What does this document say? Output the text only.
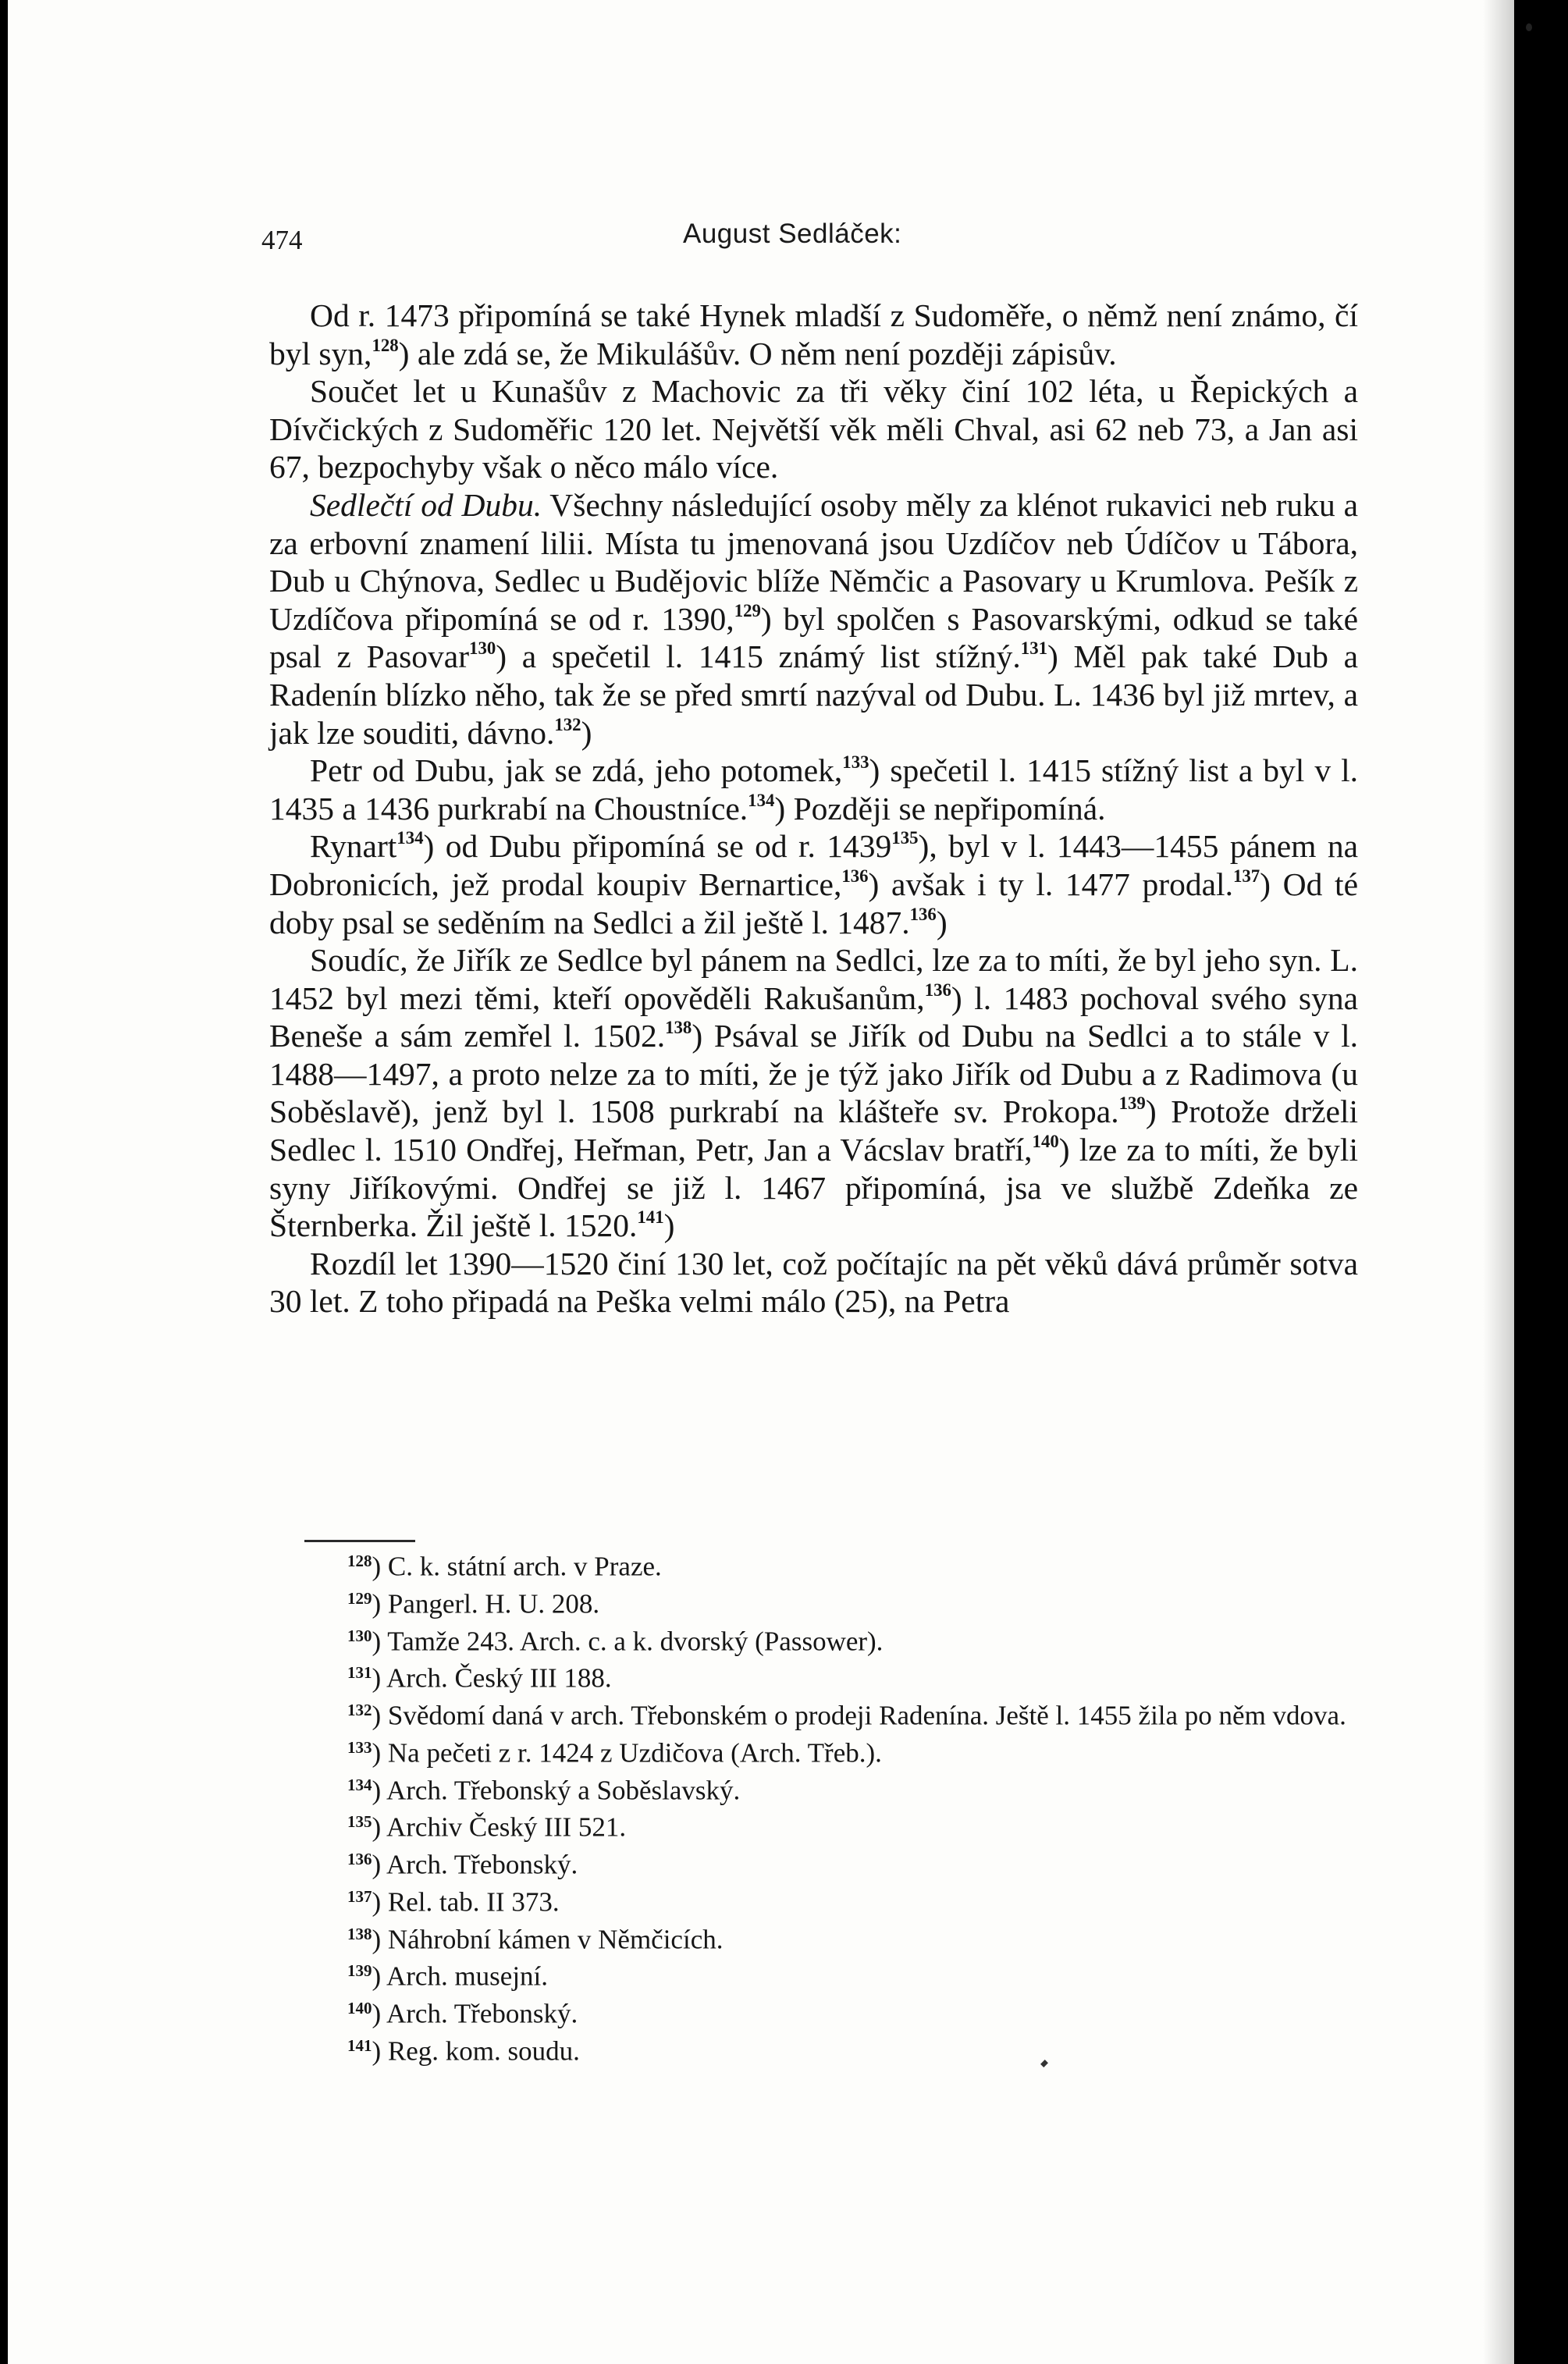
474	August Sedláček:

Od r. 1473 připomíná se také Hynek mladší z Sudoměře, o němž není známo, čí byl syn,$^{128}$) ale zdá se, že Mikulášův. O něm není později zápisův.

Součet let u Kunašův z Machovic za tři věky činí 102 léta, u Řepických a Dívčických z Sudoměřic 120 let. Největší věk měli Chval, asi 62 neb 73, a Jan asi 67, bezpochyby však o něco málo více.

Sedlečtí od Dubu. Všechny následující osoby měly za klénot rukavici neb ruku a za erbovní znamení lilii. Místa tu jmenovaná jsou Uzdíčov neb Údíčov u Tábora, Dub u Chýnova, Sedlec u Budějovic blíže Němčic a Pasovary u Krumlova. Pešík z Uzdíčova připomíná se od r. 1390,$^{129}$) byl spolčen s Pasovarskými, odkud se také psal z Pasovar$^{130}$) a spečetil l. 1415 známý list stížný.$^{131}$) Měl pak také Dub a Radenín blízko něho, tak že se před smrtí nazýval od Dubu. L. 1436 byl již mrtev, a jak lze souditi, dávno.$^{132}$)

Petr od Dubu, jak se zdá, jeho potomek,$^{133}$) spečetil l. 1415 stížný list a byl v l. 1435 a 1436 purkrabí na Choustníce.$^{134}$) Později se nepřipomíná.

Rynart$^{134}$) od Dubu připomíná se od r. 1439$^{135}$), byl v l. 1443—1455 pánem na Dobronicích, jež prodal koupiv Bernartice,$^{136}$) avšak i ty l. 1477 prodal.$^{137}$) Od té doby psal se seděním na Sedlci a žil ještě l. 1487.$^{136}$)

Soudíc, že Jiřík ze Sedlce byl pánem na Sedlci, lze za to míti, že byl jeho syn. L. 1452 byl mezi těmi, kteří opověděli Rakušanům,$^{136}$) l. 1483 pochoval svého syna Beneše a sám zemřel l. 1502.$^{138}$) Psával se Jiřík od Dubu na Sedlci a to stále v l. 1488—1497, a proto nelze za to míti, že je týž jako Jiřík od Dubu a z Radimova (u Soběslavě), jenž byl l. 1508 purkrabí na klášteře sv. Prokopa.$^{139}$) Protože drželi Sedlec l. 1510 Ondřej, Heřman, Petr, Jan a Vácslav bratří,$^{140}$) lze za to míti, že byli syny Jiříkovými. Ondřej se již l. 1467 připomíná, jsa ve službě Zdeňka ze Šternberka. Žil ještě l. 1520.$^{141}$)

Rozdíl let 1390—1520 činí 130 let, což počítajíc na pět věků dává průměr sotva 30 let. Z toho připadá na Peška velmi málo (25), na Petra

$^{128}$) C. k. státní arch. v Praze.

$^{129}$) Pangerl. H. U. 208.

$^{130}$) Tamže 243. Arch. c. a k. dvorský (Passower).

$^{131}$) Arch. Český III 188.

$^{132}$) Svědomí daná v arch. Třebonském o prodeji Radenína. Ještě l. 1455 žila po něm vdova.

$^{133}$) Na pečeti z r. 1424 z Uzdičova (Arch. Třeb.).

$^{134}$) Arch. Třebonský a Soběslavský.

$^{135}$) Archiv Český III 521.

$^{136}$) Arch. Třebonský.

$^{137}$) Rel. tab. II 373.

$^{138}$) Náhrobní kámen v Němčicích.

$^{139}$) Arch. musejní.

$^{140}$) Arch. Třebonský.

$^{141}$) Reg. kom. soudu.
